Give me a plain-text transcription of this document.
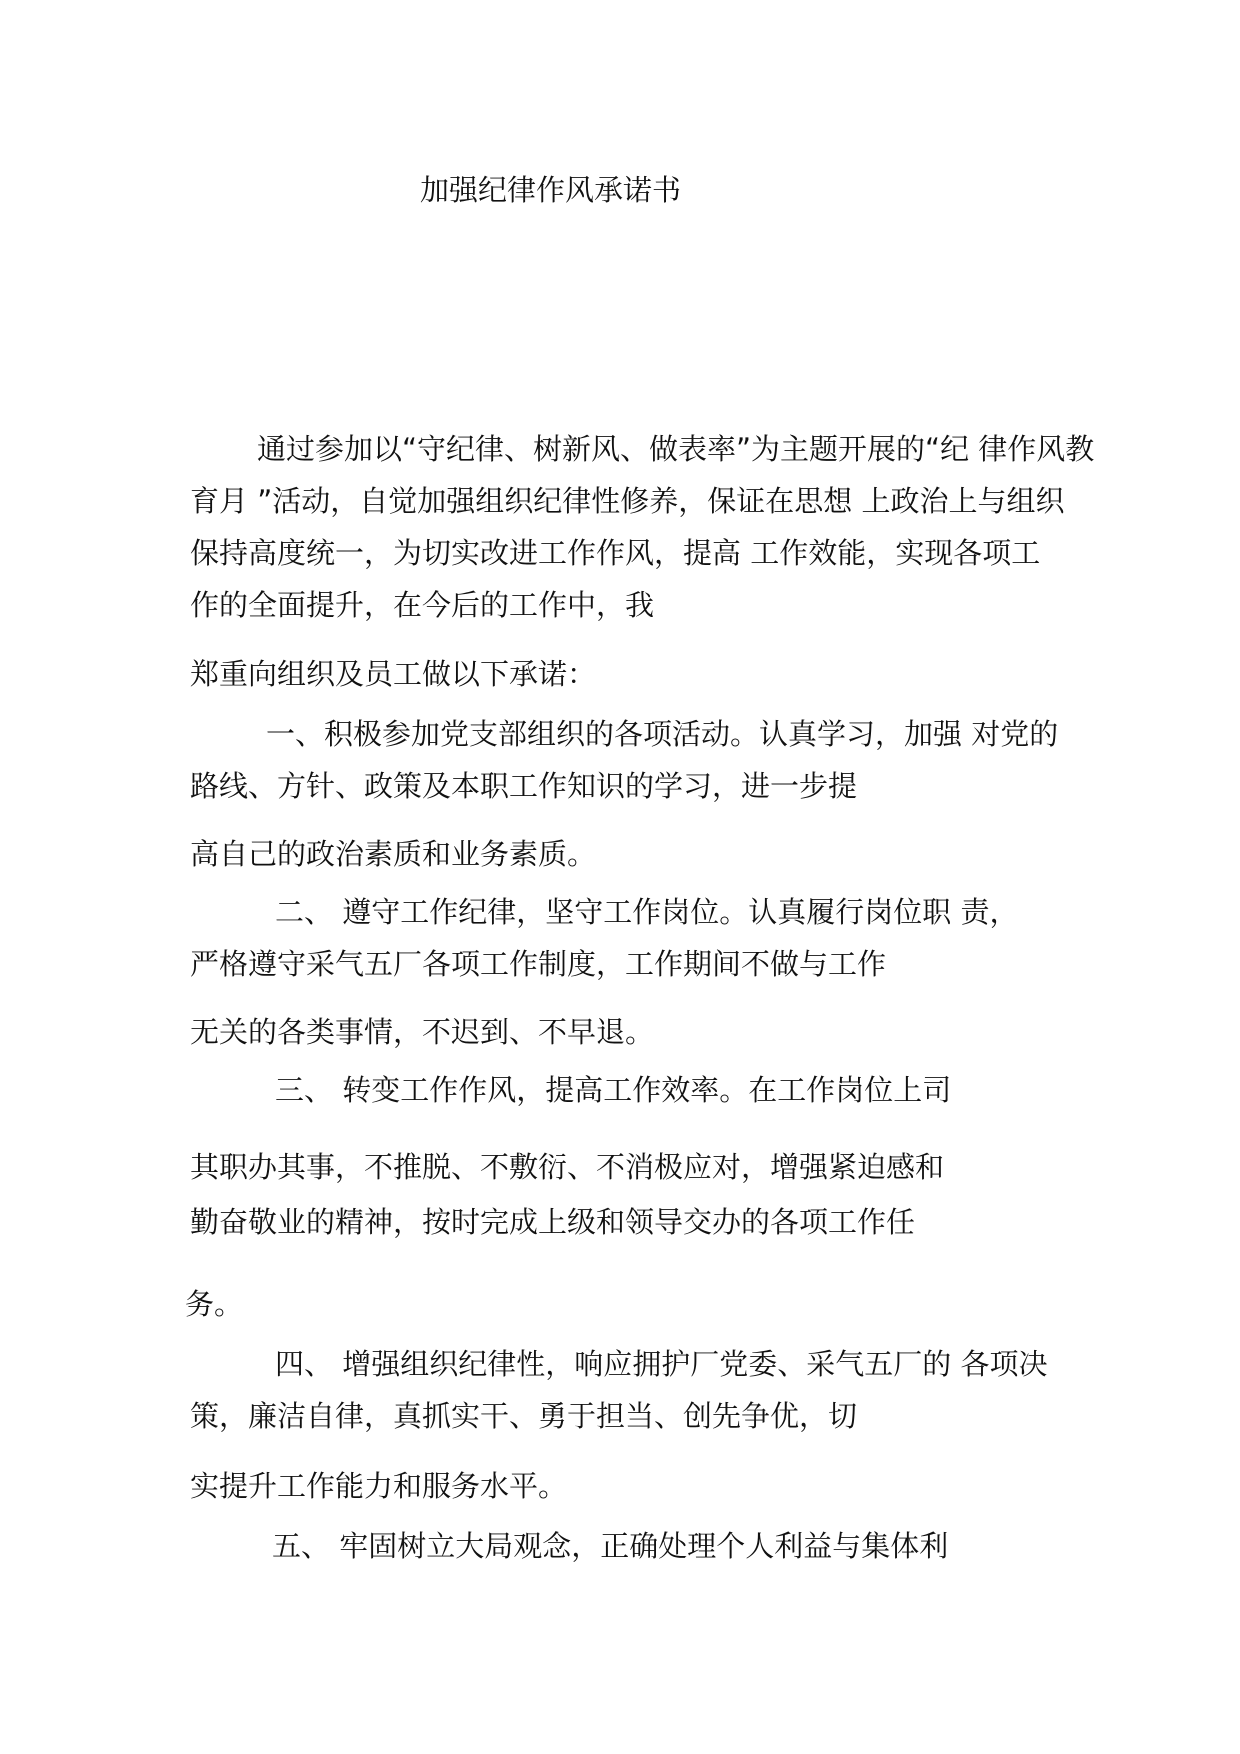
加强纪律作风承诺书
通过参加以“守纪律、树新风、做表率”为主题开展的“纪 律作风教
育月 ”活动，自觉加强组织纪律性修养，保证在思想 上政治上与组织
保持高度统一，为切实改进工作作风，提高 工作效能，实现各项工
作的全面提升，在今后的工作中，我
郑重向组织及员工做以下承诺：
一、积极参加党支部组织的各项活动。认真学习，加强 对党的
路线、方针、政策及本职工作知识的学习，进一步提
高自己的政治素质和业务素质。
二、 遵守工作纪律，坚守工作岗位。认真履行岗位职 责，
严格遵守采气五厂各项工作制度，工作期间不做与工作
无关的各类事情，不迟到、不早退。
三、 转变工作作风，提高工作效率。在工作岗位上司
其职办其事，不推脱、不敷衍、不消极应对，增强紧迫感和
勤奋敬业的精神，按时完成上级和领导交办的各项工作任
务。
四、 增强组织纪律性，响应拥护厂党委、采气五厂的 各项决
策，廉洁自律，真抓实干、勇于担当、创先争优，切
实提升工作能力和服务水平。
五、 牢固树立大局观念，正确处理个人利益与集体利
